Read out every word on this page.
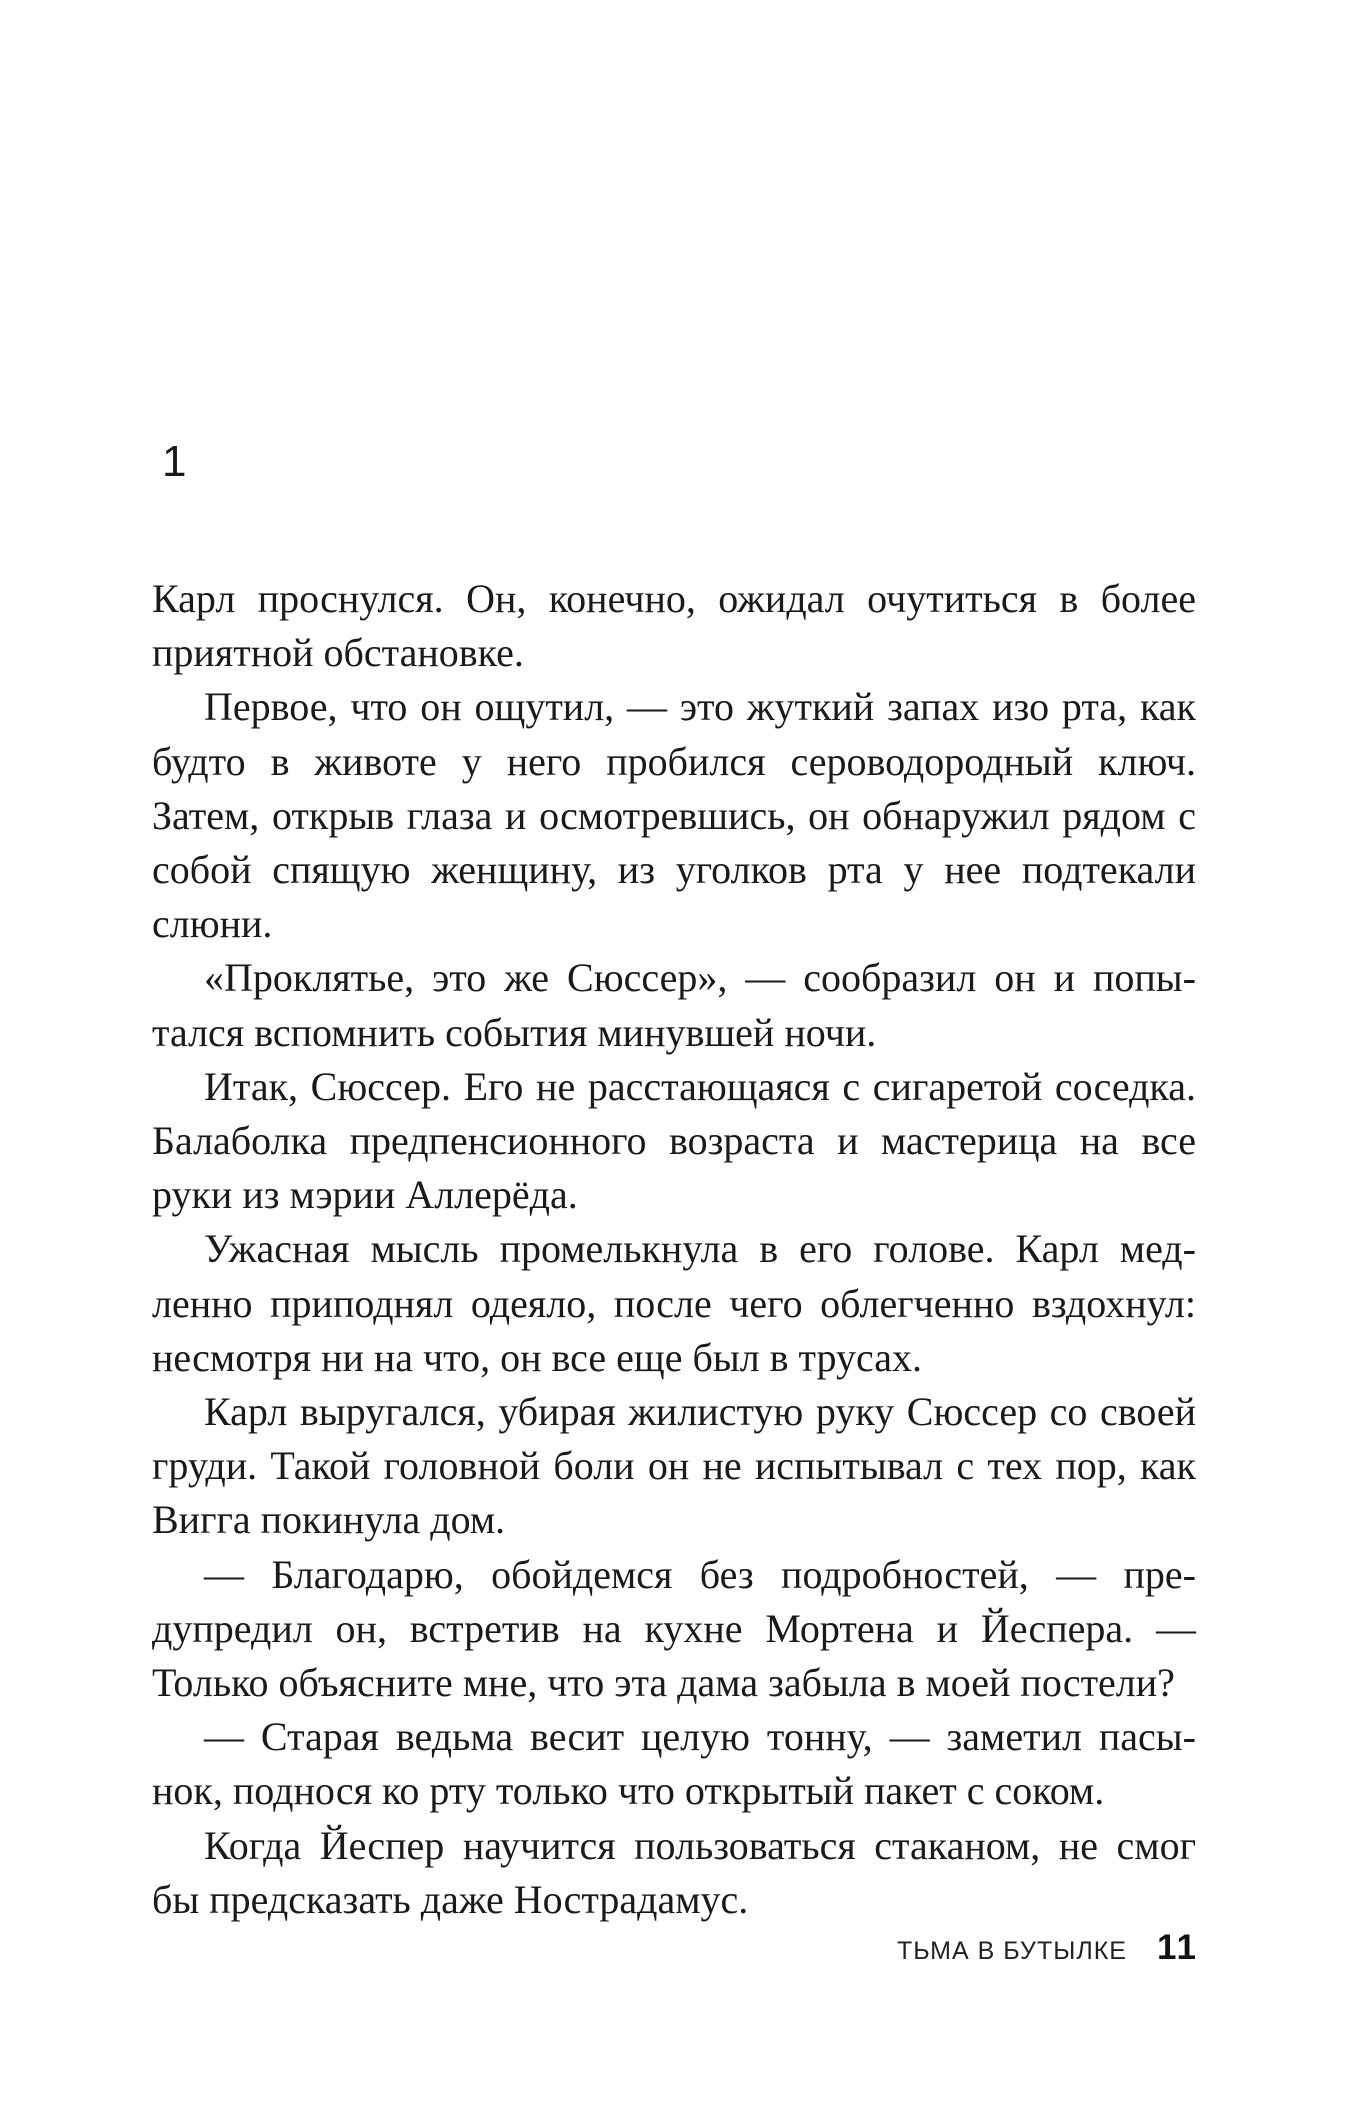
1

Карл проснулся. Он, конечно, ожидал очутиться в более приятной обстановке.

Первое, что он ощутил, — это жуткий запах изо рта, как будто в животе у него пробился сероводородный ключ. Затем, открыв глаза и осмотревшись, он обнаружил рядом с собой спящую женщину, из уголков рта у нее подтекали слюни.

«Проклятье, это же Сюссер», — сообразил он и попытался вспомнить события минувшей ночи.

Итак, Сюссер. Его не расстающаяся с сигаретой соседка. Балаболка предпенсионного возраста и мастерица на все руки из мэрии Аллерёда.

Ужасная мысль промелькнула в его голове. Карл медленно приподнял одеяло, после чего облегченно вздохнул: несмотря ни на что, он все еще был в трусах.

Карл выругался, убирая жилистую руку Сюссер со своей груди. Такой головной боли он не испытывал с тех пор, как Вигга покинула дом.

— Благодарю, обойдемся без подробностей, — предупредил он, встретив на кухне Мортена и Йеспера. — Только объясните мне, что эта дама забыла в моей постели?

— Старая ведьма весит целую тонну, — заметил пасынок, поднося ко рту только что открытый пакет с соком.

Когда Йеспер научится пользоваться стаканом, не смог бы предсказать даже Нострадамус.

ТЬМА В БУТЫЛКЕ 11
